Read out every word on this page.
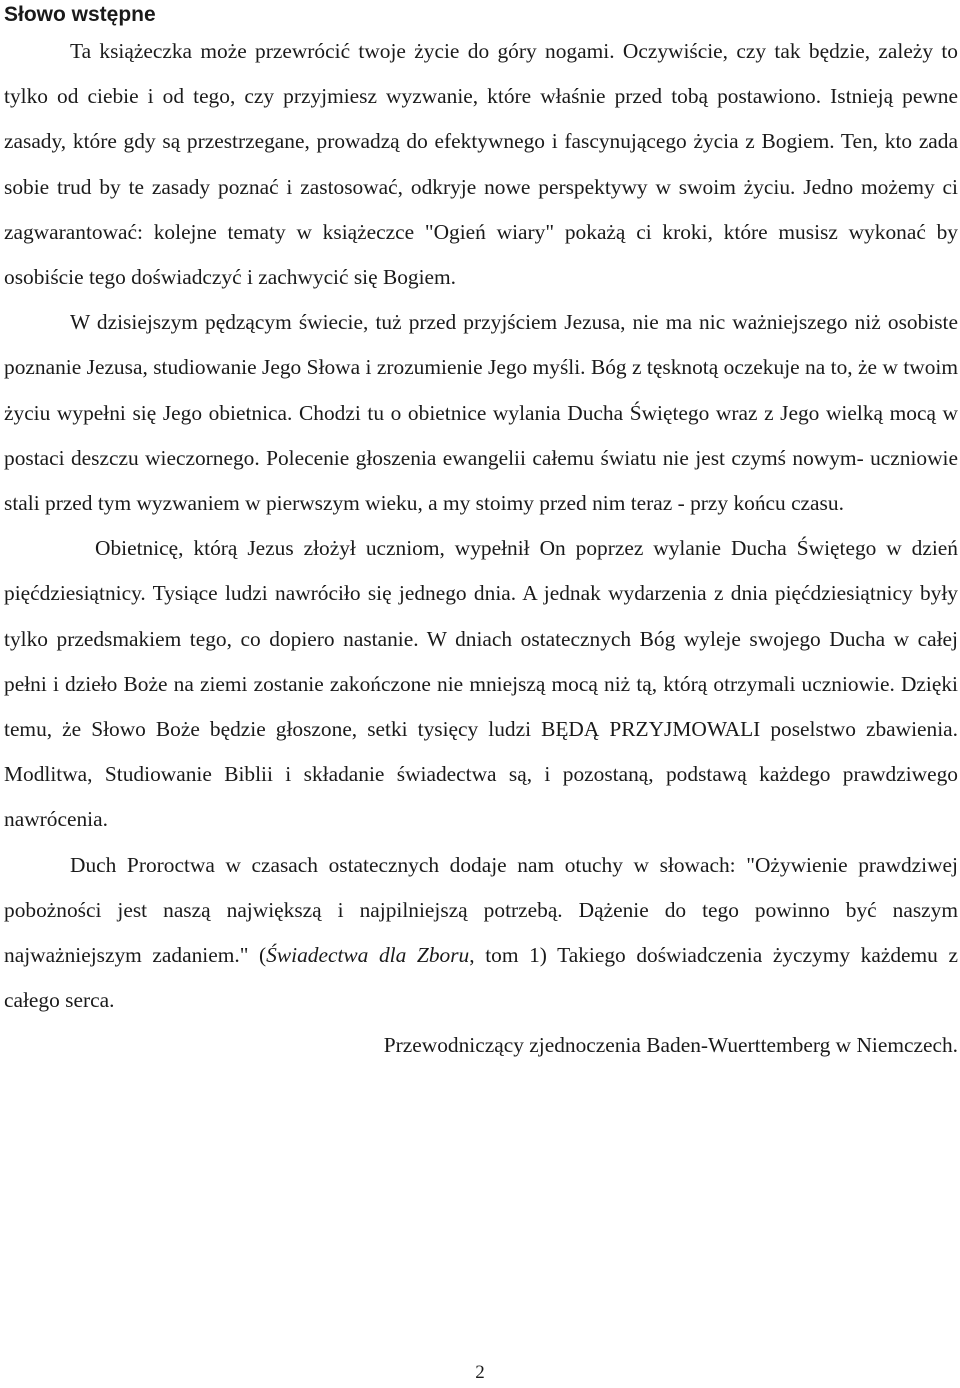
Słowo wstępne

Ta książeczka może przewrócić twoje życie do góry nogami. Oczywiście, czy tak będzie, zależy to tylko od ciebie i od tego, czy przyjmiesz wyzwanie, które właśnie przed tobą postawiono. Istnieją pewne zasady, które gdy są przestrzegane, prowadzą do efektywnego i fascynującego życia z Bogiem. Ten, kto zada sobie trud by te zasady poznać i zastosować, odkryje nowe perspektywy w swoim życiu. Jedno możemy ci zagwarantować: kolejne tematy w książeczce "Ogień wiary" pokażą ci kroki, które musisz wykonać by osobiście tego doświadczyć i zachwycić się Bogiem.

W dzisiejszym pędzącym świecie, tuż przed przyjściem Jezusa, nie ma nic ważniejszego niż osobiste poznanie Jezusa, studiowanie Jego Słowa i zrozumienie Jego myśli. Bóg z tęsknotą oczekuje na to, że w twoim życiu wypełni się Jego obietnica. Chodzi tu o obietnice wylania Ducha Świętego wraz z Jego wielką mocą w postaci deszczu wieczornego. Polecenie głoszenia ewangelii całemu światu nie jest czymś nowym- uczniowie stali przed tym wyzwaniem w pierwszym wieku, a my stoimy przed nim teraz - przy końcu czasu.

Obietnicę, którą Jezus złożył uczniom, wypełnił On poprzez wylanie Ducha Świętego w dzień pięćdziesiątnicy. Tysiące ludzi nawróciło się jednego dnia. A jednak wydarzenia z dnia pięćdziesiątnicy były tylko przedsmakiem tego, co dopiero nastanie. W dniach ostatecznych Bóg wyleje swojego Ducha w całej pełni i dzieło Boże na ziemi zostanie zakończone nie mniejszą mocą niż tą, którą otrzymali uczniowie. Dzięki temu, że Słowo Boże będzie głoszone, setki tysięcy ludzi BĘDĄ PRZYJMOWALI poselstwo zbawienia. Modlitwa, Studiowanie Biblii i składanie świadectwa są, i pozostaną, podstawą każdego prawdziwego nawrócenia.

Duch Proroctwa w czasach ostatecznych dodaje nam otuchy w słowach: "Ożywienie prawdziwej pobożności jest naszą największą i najpilniejszą potrzebą. Dążenie do tego powinno być naszym najważniejszym zadaniem." (Świadectwa dla Zboru, tom 1) Takiego doświadczenia życzymy każdemu z całego serca.

Przewodniczący zjednoczenia Baden-Wuerttemberg w Niemczech.

2
